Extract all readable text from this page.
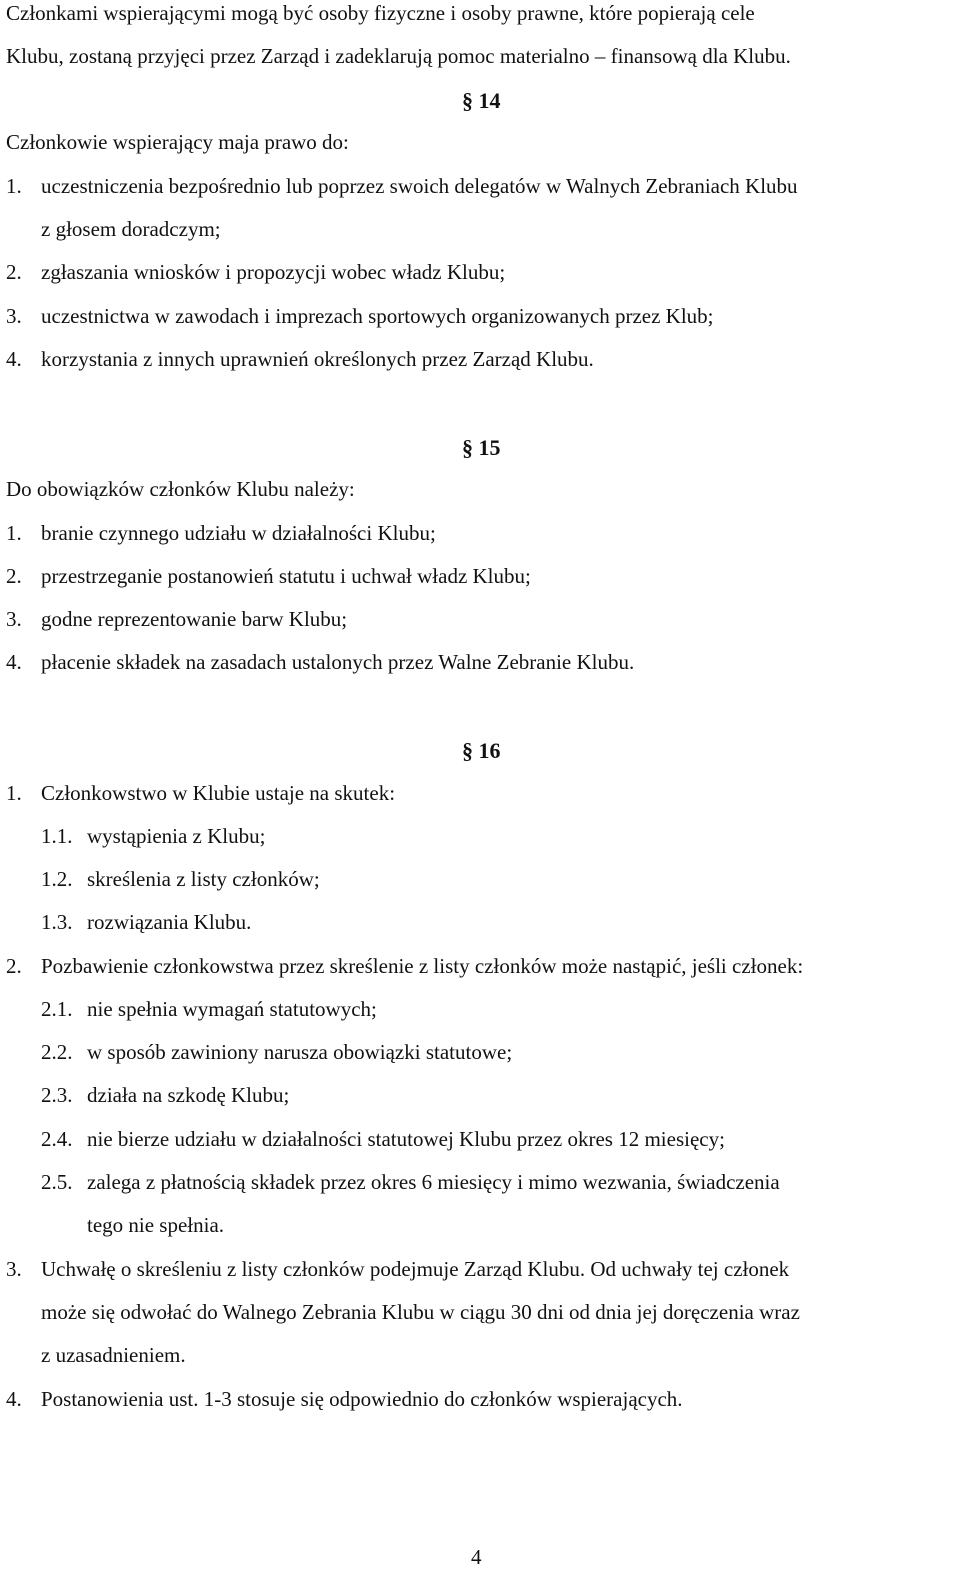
Członkami wspierającymi mogą być osoby fizyczne i osoby prawne, które popierają cele
Klubu, zostaną przyjęci przez Zarząd i zadeklarują pomoc materialno – finansową dla Klubu.
§ 14
Członkowie wspierający maja prawo do:
1. uczestniczenia bezpośrednio lub poprzez swoich delegatów w Walnych Zebraniach Klubu
z głosem doradczym;
2. zgłaszania wniosków i propozycji wobec władz Klubu;
3. uczestnictwa w zawodach i imprezach sportowych organizowanych przez Klub;
4. korzystania z innych uprawnień określonych przez Zarząd Klubu.
§ 15
Do obowiązków członków Klubu należy:
1. branie czynnego udziału w działalności Klubu;
2. przestrzeganie postanowień statutu i uchwał władz Klubu;
3. godne reprezentowanie barw Klubu;
4. płacenie składek na zasadach ustalonych przez Walne Zebranie Klubu.
§ 16
1. Członkowstwo w Klubie ustaje na skutek:
1.1. wystąpienia z Klubu;
1.2. skreślenia z listy członków;
1.3. rozwiązania Klubu.
2. Pozbawienie członkowstwa przez skreślenie z listy członków może nastąpić, jeśli członek:
2.1. nie spełnia wymagań statutowych;
2.2. w sposób zawiniony narusza obowiązki statutowe;
2.3. działa na szkodę Klubu;
2.4. nie bierze udziału w działalności statutowej Klubu przez okres 12 miesięcy;
2.5. zalega z płatnością składek przez okres 6 miesięcy i mimo wezwania, świadczenia
tego nie spełnia.
3. Uchwałę o skreśleniu z listy członków podejmuje Zarząd Klubu. Od uchwały tej członek
może się odwołać do Walnego Zebrania Klubu w ciągu 30 dni od dnia jej doręczenia wraz
z uzasadnieniem.
4. Postanowienia ust. 1-3 stosuje się odpowiednio do członków wspierających.
4
